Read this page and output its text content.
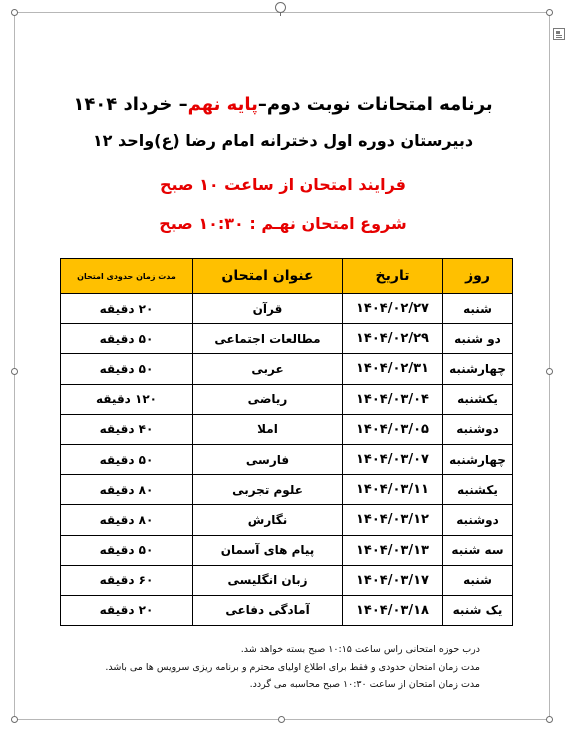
برنامه امتحانات نوبت دوم–پایه نهم– خرداد ۱۴۰۴
دبیرستان دوره اول دخترانه امام رضا (ع)واحد ۱۲
فرایند امتحان از ساعت ۱۰ صبح
شروع امتحان نهـم : ۱۰:۳۰ صبح
روز	تاریخ	عنوان امتحان	مدت زمان حدودی امتحان
شنبه	۱۴۰۴/۰۲/۲۷	قرآن	۲۰ دقیقه
دو شنبه	۱۴۰۴/۰۲/۲۹	مطالعات اجتماعی	۵۰ دقیقه
چهارشنبه	۱۴۰۴/۰۲/۳۱	عربی	۵۰ دقیقه
یکشنبه	۱۴۰۴/۰۳/۰۴	ریاضی	۱۲۰ دقیقه
دوشنبه	۱۴۰۴/۰۳/۰۵	املا	۴۰ دقیقه
چهارشنبه	۱۴۰۴/۰۳/۰۷	فارسی	۵۰ دقیقه
یکشنبه	۱۴۰۴/۰۳/۱۱	علوم تجربی	۸۰ دقیقه
دوشنبه	۱۴۰۴/۰۳/۱۲	نگارش	۸۰ دقیقه
سه شنبه	۱۴۰۴/۰۳/۱۳	پیام های آسمان	۵۰ دقیقه
شنبه	۱۴۰۴/۰۳/۱۷	زبان انگلیسی	۶۰ دقیقه
یک شنبه	۱۴۰۴/۰۳/۱۸	آمادگی دفاعی	۲۰ دقیقه
درب حوزه امتحانی راس ساعت ۱۰:۱۵ صبح بسته خواهد شد.
مدت زمان امتحان حدودی و فقط برای اطلاع اولیای محترم و برنامه ریزی سرویس ها می باشد.
مدت زمان امتحان از ساعت ۱۰:۳۰ صبح محاسبه می گردد.
